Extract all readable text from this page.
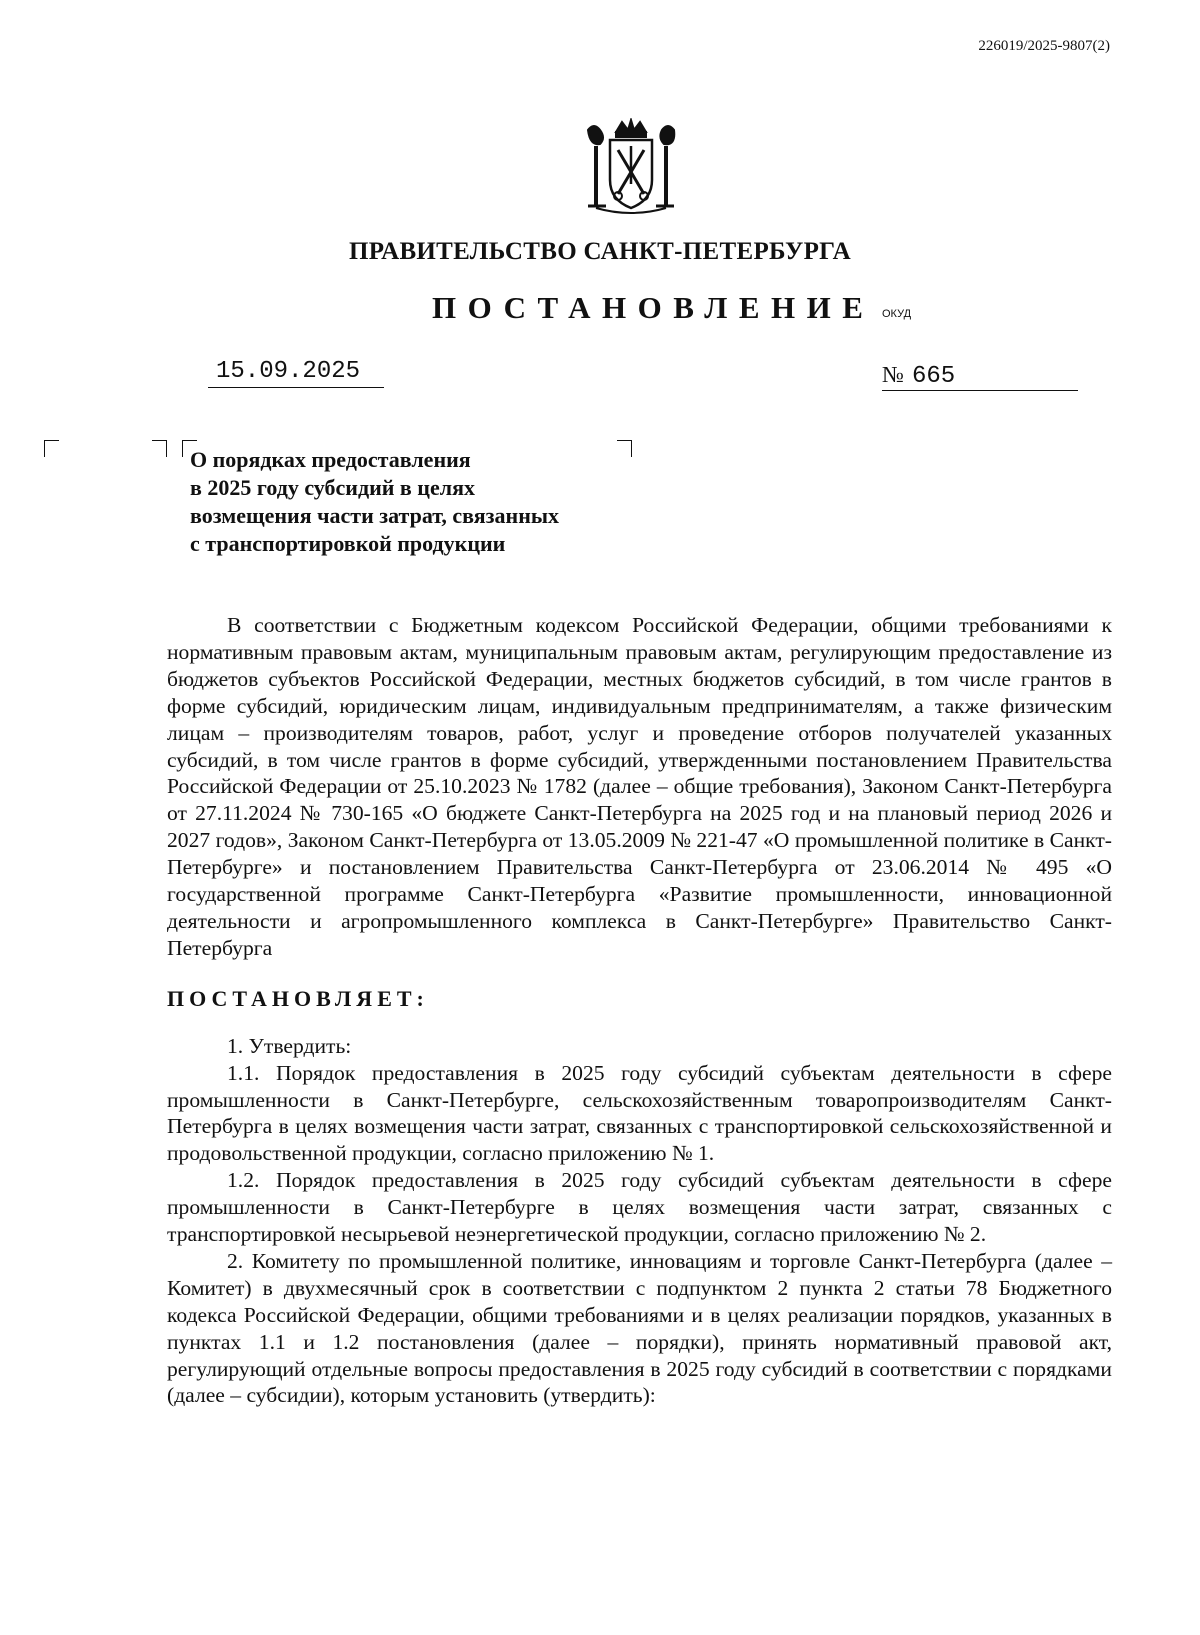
226019/2025-9807(2)
ПРАВИТЕЛЬСТВО САНКТ-ПЕТЕРБУРГА
ПОСТАНОВЛЕНИЕ ОКУД
15.09.2025	№ 665
О порядках предоставления
в 2025 году субсидий в целях
возмещения части затрат, связанных
с транспортировкой продукции

В соответствии с Бюджетным кодексом Российской Федерации, общими требованиями к нормативным правовым актам, муниципальным правовым актам, регулирующим предоставление из бюджетов субъектов Российской Федерации, местных бюджетов субсидий, в том числе грантов в форме субсидий, юридическим лицам, индивидуальным предпринимателям, а также физическим лицам – производителям товаров, работ, услуг и проведение отборов получателей указанных субсидий, в том числе грантов в форме субсидий, утвержденными постановлением Правительства Российской Федерации от 25.10.2023 № 1782 (далее – общие требования), Законом Санкт-Петербурга от 27.11.2024 № 730-165 «О бюджете Санкт-Петербурга на 2025 год и на плановый период 2026 и 2027 годов», Законом Санкт-Петербурга от 13.05.2009 № 221-47 «О промышленной политике в Санкт-Петербурге» и постановлением Правительства Санкт-Петербурга от 23.06.2014 № 495 «О государственной программе Санкт-Петербурга «Развитие промышленности, инновационной деятельности и агропромышленного комплекса в Санкт-Петербурге» Правительство Санкт-Петербурга

ПОСТАНОВЛЯЕТ:

1. Утвердить:

1.1. Порядок предоставления в 2025 году субсидий субъектам деятельности в сфере промышленности в Санкт-Петербурге, сельскохозяйственным товаропроизводителям Санкт-Петербурга в целях возмещения части затрат, связанных с транспортировкой сельскохозяйственной и продовольственной продукции, согласно приложению № 1.

1.2. Порядок предоставления в 2025 году субсидий субъектам деятельности в сфере промышленности в Санкт-Петербурге в целях возмещения части затрат, связанных с транспортировкой несырьевой неэнергетической продукции, согласно приложению № 2.

2. Комитету по промышленной политике, инновациям и торговле Санкт-Петербурга (далее – Комитет) в двухмесячный срок в соответствии с подпунктом 2 пункта 2 статьи 78 Бюджетного кодекса Российской Федерации, общими требованиями и в целях реализации порядков, указанных в пунктах 1.1 и 1.2 постановления (далее – порядки), принять нормативный правовой акт, регулирующий отдельные вопросы предоставления в 2025 году субсидий в соответствии с порядками (далее – субсидии), которым установить (утвердить):
